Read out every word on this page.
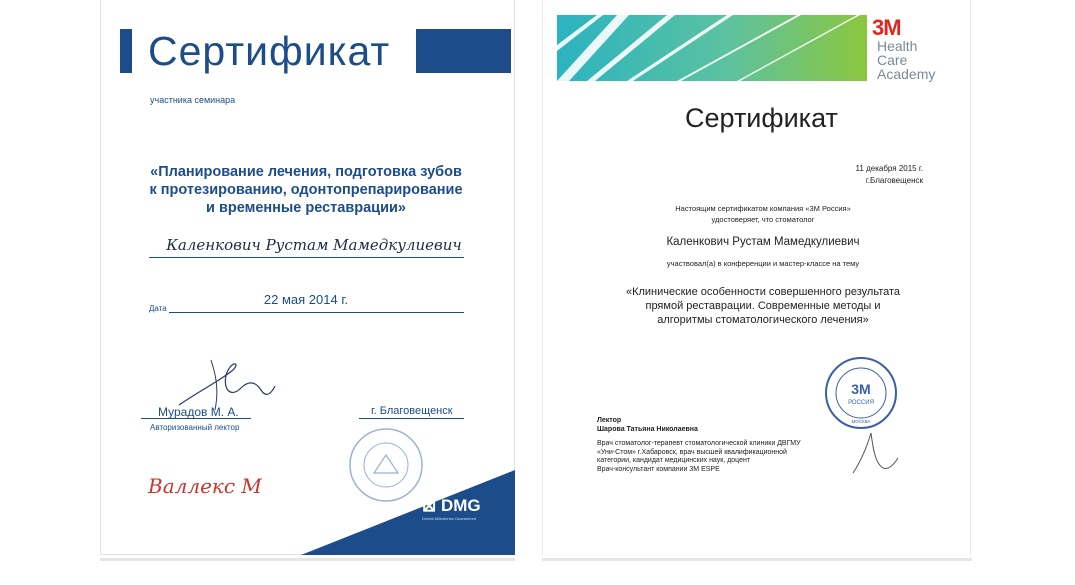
Сертификат
участника семинара
«Планирование лечения, подготовка зубов
к протезированию, одонтопрепарирование
и временные реставрации»
Каленкович Рустам Мамедкулиевич
Дата
22 мая 2014 г.
Мурадов М. А.
Авторизованный лектор
г. Благовещенск
Валлекс М
⊠ DMG
Dental Milestones Guaranteed
3M
Health
Care
Academy
Сертификат
11 декабря 2015 г.
г.Благовещенск
Настоящим сертификатом компания «3М Россия»
удостоверяет, что стоматолог
Каленкович Рустам Мамедкулиевич
участвовал(а) в конференции и мастер-классе на тему
«Клинические особенности совершенного результата
прямой реставрации. Современные методы и
алгоритмы стоматологического лечения»
3M
РОССИЯ
МОСКВА
Лектор
Шарова Татьяна Николаевна
Врач стоматолог-терапевт стоматологической клиники ДВГМУ
«Уни-Стом» г.Хабаровск, врач высшей квалификационной
категории, кандидат медицинских наук, доцент
Врач-консультант компании 3М ESPE
